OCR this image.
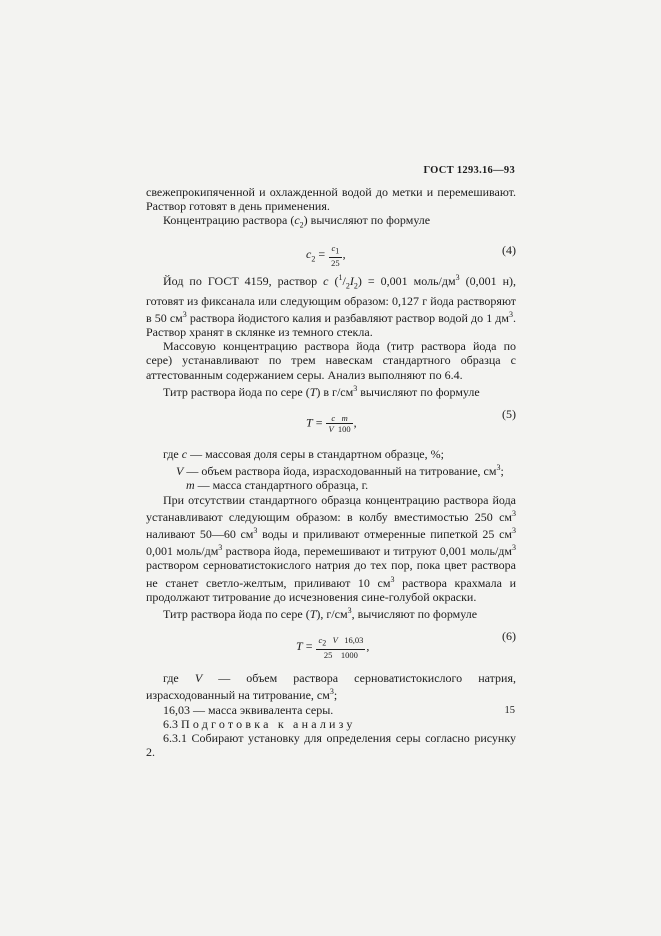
ГОСТ 1293.16—93

свежепрокипяченной и охлажденной водой до метки и перемешивают. Раствор готовят в день применения.

Концентрацию раствора $(c_2)$ вычисляют по формуле

$c_2 = \frac{c_1}{25}$ ,	(4)

Йод по ГОСТ 4159, раствор c $(^1/_2I_2) = 0,001$ моль/$дм^3$ (0,001 н), готовят из фиксанала или следующим образом: 0,127 г йода растворяют в 50 $см^3$ раствора йодистого калия и разбавляют раствор водой до 1 $дм^3$. Раствор хранят в склянке из темного стекла.

Массовую концентрацию раствора йода (титр раствора йода по сере) устанавливают по трем навескам стандартного образца с аттестованным содержанием серы. Анализ выполняют по 6.4.

Титр раствора йода по сере (T) в $г/см^3$ вычисляют по формуле

$T = \frac{\text{c m}}{V 100}$ ,
(5)

где c — массовая доля серы в стандартном образце, %;

V — объем раствора йода, израсходованный на титрование, $см^3$;

m — масса стандартного образца, г.

При отсутствии стандартного образца концентрацию раствора йода устанавливают следующим образом: в колбу вместимостью 250 $см^3$ наливают 50—60 $см^3$ воды и приливают отмеренные пипеткой 25 $см^3$ 0,001 моль/$дм^3$ раствора йода, перемешивают и титруют 0,001 моль/$дм^3$ раствором серноватистокислого натрия до тех пор, пока цвет раствора не станет светло-желтым, приливают 10 $см^3$ раствора крахмала и продолжают титрование до исчезновения сине-голубой окраски.

Титр раствора йода по сере (T), $г/см^3$, вычисляют по формуле

$T = \frac{c_2 V 16,03}{25 1000}$ ,
(6)

где V — объем раствора серноватистокислого натрия, израсходованный на титрование, $см^3$;

16,03 — масса эквивалента серы.

6.3 Подготовка к анализу

6.3.1 Собирают установку для определения серы согласно рисунку 2.

15
